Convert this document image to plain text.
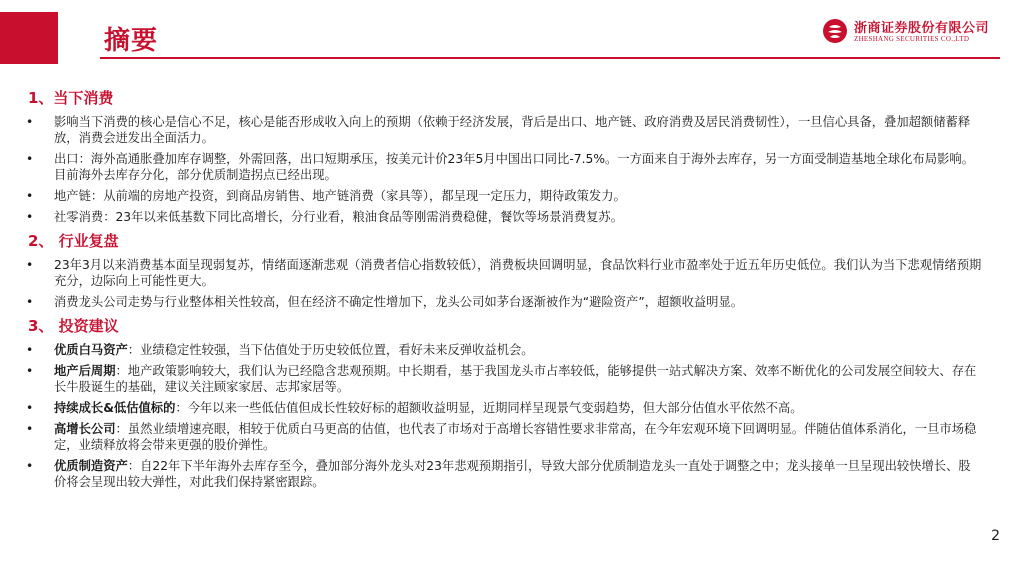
摘要	浙商证券股份有限公司
ZHESHANG SECURITIES CO.,LTD
1、当下消费
• 影响当下消费的核心是信心不足，核心是能否形成收入向上的预期（依赖于经济发展，背后是出口、地产链、政府消费及居民消费韧性），一旦信心具备，叠加超额储蓄释放，消费会迸发出全面活力。
• 出口：海外高通胀叠加库存调整，外需回落，出口短期承压，按美元计价23年5月中国出口同比-7.5%。一方面来自于海外去库存，另一方面受制造基地全球化布局影响。目前海外去库存分化，部分优质制造拐点已经出现。
• 地产链：从前端的房地产投资，到商品房销售、地产链消费（家具等），都呈现一定压力，期待政策发力。
• 社零消费：23年以来低基数下同比高增长，分行业看，粮油食品等刚需消费稳健，餐饮等场景消费复苏。
2、 行业复盘
• 23年3月以来消费基本面呈现弱复苏，情绪面逐渐悲观（消费者信心指数较低），消费板块回调明显，食品饮料行业市盈率处于近五年历史低位。我们认为当下悲观情绪预期充分，边际向上可能性更大。
• 消费龙头公司走势与行业整体相关性较高，但在经济不确定性增加下，龙头公司如茅台逐渐被作为“避险资产”，超额收益明显。
3、 投资建议
• 优质白马资产：业绩稳定性较强，当下估值处于历史较低位置，看好未来反弹收益机会。
• 地产后周期：地产政策影响较大，我们认为已经隐含悲观预期。中长期看，基于我国龙头市占率较低，能够提供一站式解决方案、效率不断优化的公司发展空间较大、存在长牛股诞生的基础，建议关注顾家家居、志邦家居等。
• 持续成长&低估值标的：今年以来一些低估值但成长性较好标的超额收益明显，近期同样呈现景气变弱趋势，但大部分估值水平依然不高。
• 高增长公司：虽然业绩增速亮眼，相较于优质白马更高的估值，也代表了市场对于高增长容错性要求非常高，在今年宏观环境下回调明显。伴随估值体系消化，一旦市场稳定，业绩释放将会带来更强的股价弹性。
• 优质制造资产：自22年下半年海外去库存至今，叠加部分海外龙头对23年悲观预期指引，导致大部分优质制造龙头一直处于调整之中；龙头接单一旦呈现出较快增长、股价将会呈现出较大弹性，对此我们保持紧密跟踪。
2
